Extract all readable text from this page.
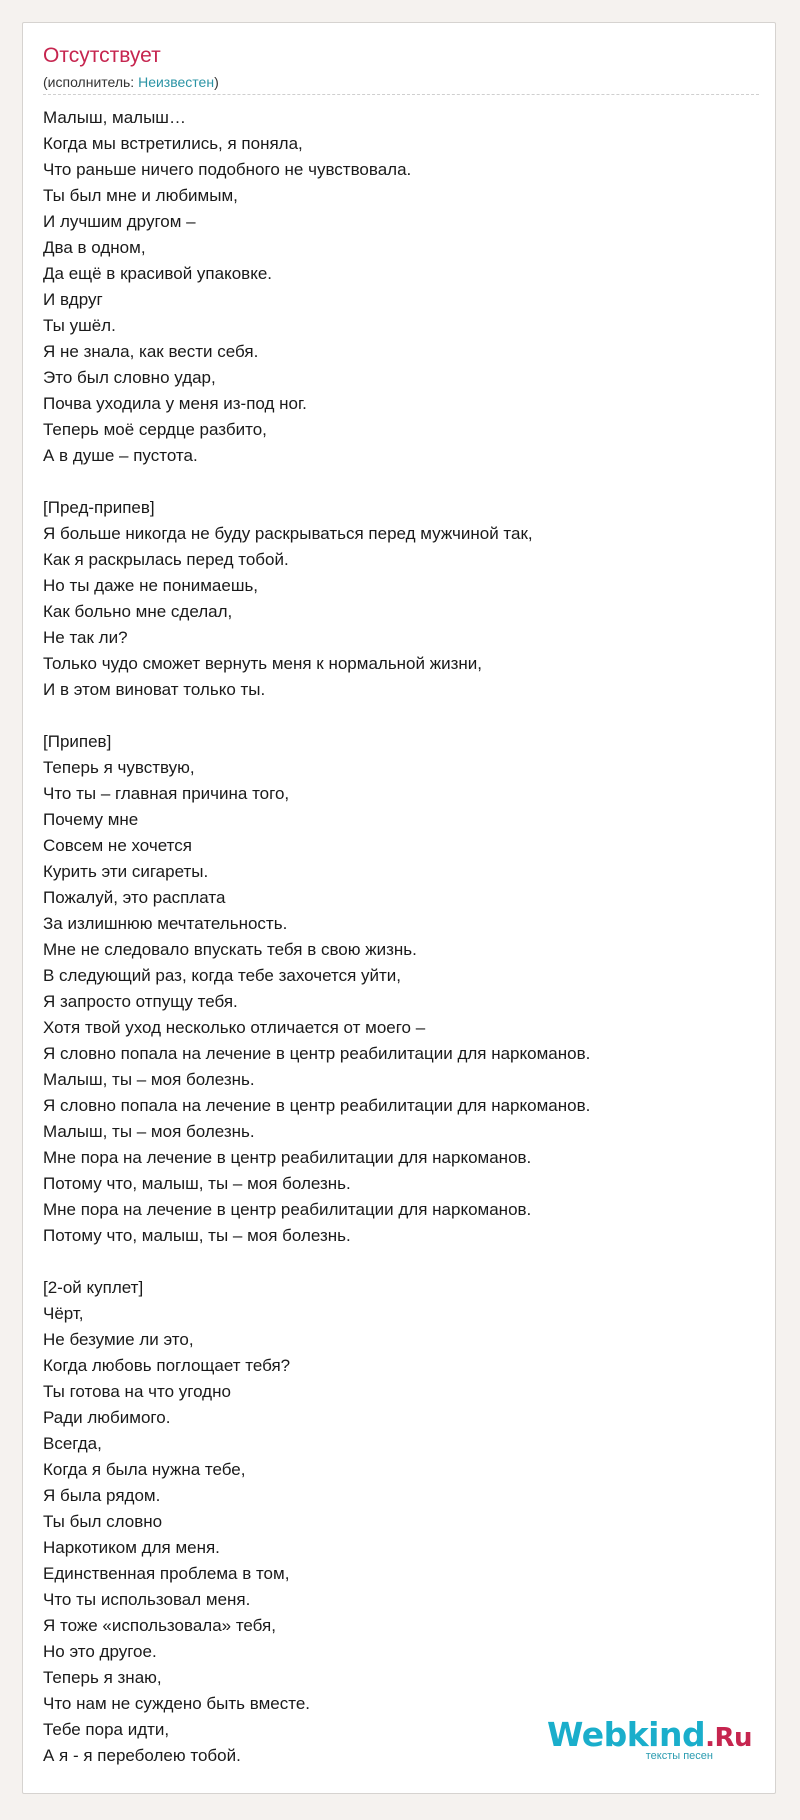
Отсутствует
(исполнитель: Неизвестен)
Малыш, малыш…
Когда мы встретились, я поняла,
Что раньше ничего подобного не чувствовала.
Ты был мне и любимым,
И лучшим другом –
Два в одном,
Да ещё в красивой упаковке.
И вдруг
Ты ушёл.
Я не знала, как вести себя.
Это был словно удар,
Почва уходила у меня из-под ног.
Теперь моё сердце разбито,
А в душе – пустота.
[Пред-припев]
Я больше никогда не буду раскрываться перед мужчиной так,
Как я раскрылась перед тобой.
Но ты даже не понимаешь,
Как больно мне сделал,
Не так ли?
Только чудо сможет вернуть меня к нормальной жизни,
И в этом виноват только ты.
[Припев]
Теперь я чувствую,
Что ты – главная причина того,
Почему мне
Совсем не хочется
Курить эти сигареты.
Пожалуй, это расплата
За излишнюю мечтательность.
Мне не следовало впускать тебя в свою жизнь.
В следующий раз, когда тебе захочется уйти,
Я запросто отпущу тебя.
Хотя твой уход несколько отличается от моего –
Я словно попала на лечение в центр реабилитации для наркоманов.
Малыш, ты – моя болезнь.
Я словно попала на лечение в центр реабилитации для наркоманов.
Малыш, ты – моя болезнь.
Мне пора на лечение в центр реабилитации для наркоманов.
Потому что, малыш, ты – моя болезнь.
Мне пора на лечение в центр реабилитации для наркоманов.
Потому что, малыш, ты – моя болезнь.
[2-ой куплет]
Чёрт,
Не безумие ли это,
Когда любовь поглощает тебя?
Ты готова на что угодно
Ради любимого.
Всегда,
Когда я была нужна тебе,
Я была рядом.
Ты был словно
Наркотиком для меня.
Единственная проблема в том,
Что ты использовал меня.
Я тоже «использовала» тебя,
Но это другое.
Теперь я знаю,
Что нам не суждено быть вместе.
Тебе пора идти,
А я - я переболею тобой.
Webkind.Ru
тексты песен
